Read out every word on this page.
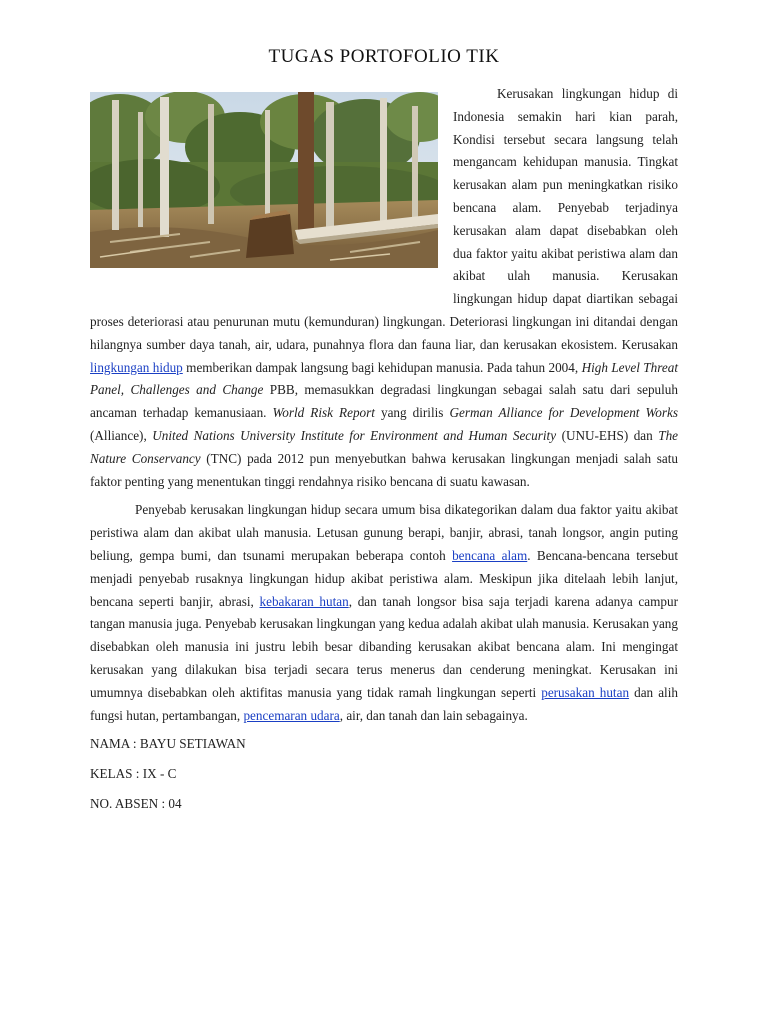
TUGAS PORTOFOLIO TIK

Kerusakan lingkungan hidup di Indonesia semakin hari kian parah, Kondisi tersebut secara langsung telah mengancam kehidupan manusia. Tingkat kerusakan alam pun meningkatkan risiko bencana alam. Penyebab terjadinya kerusakan alam dapat disebabkan oleh dua faktor yaitu akibat peristiwa alam dan akibat ulah manusia. Kerusakan lingkungan hidup dapat diartikan sebagai proses deteriorasi atau penurunan mutu (kemunduran) lingkungan. Deteriorasi lingkungan ini ditandai dengan hilangnya sumber daya tanah, air, udara, punahnya flora dan fauna liar, dan kerusakan ekosistem. Kerusakan lingkungan hidup memberikan dampak langsung bagi kehidupan manusia. Pada tahun 2004, High Level Threat Panel, Challenges and Change PBB, memasukkan degradasi lingkungan sebagai salah satu dari sepuluh ancaman terhadap kemanusiaan. World Risk Report yang dirilis German Alliance for Development Works (Alliance), United Nations University Institute for Environment and Human Security (UNU-EHS) dan The Nature Conservancy (TNC) pada 2012 pun menyebutkan bahwa kerusakan lingkungan menjadi salah satu faktor penting yang menentukan tinggi rendahnya risiko bencana di suatu kawasan.

Penyebab kerusakan lingkungan hidup secara umum bisa dikategorikan dalam dua faktor yaitu akibat peristiwa alam dan akibat ulah manusia. Letusan gunung berapi, banjir, abrasi, tanah longsor, angin puting beliung, gempa bumi, dan tsunami merupakan beberapa contoh bencana alam. Bencana-bencana tersebut menjadi penyebab rusaknya lingkungan hidup akibat peristiwa alam. Meskipun jika ditelaah lebih lanjut, bencana seperti banjir, abrasi, kebakaran hutan, dan tanah longsor bisa saja terjadi karena adanya campur tangan manusia juga. Penyebab kerusakan lingkungan yang kedua adalah akibat ulah manusia. Kerusakan yang disebabkan oleh manusia ini justru lebih besar dibanding kerusakan akibat bencana alam. Ini mengingat kerusakan yang dilakukan bisa terjadi secara terus menerus dan cenderung meningkat. Kerusakan ini umumnya disebabkan oleh aktifitas manusia yang tidak ramah lingkungan seperti perusakan hutan dan alih fungsi hutan, pertambangan, pencemaran udara, air, dan tanah dan lain sebagainya.

NAMA : BAYU SETIAWAN

KELAS : IX - C

NO. ABSEN : 04
